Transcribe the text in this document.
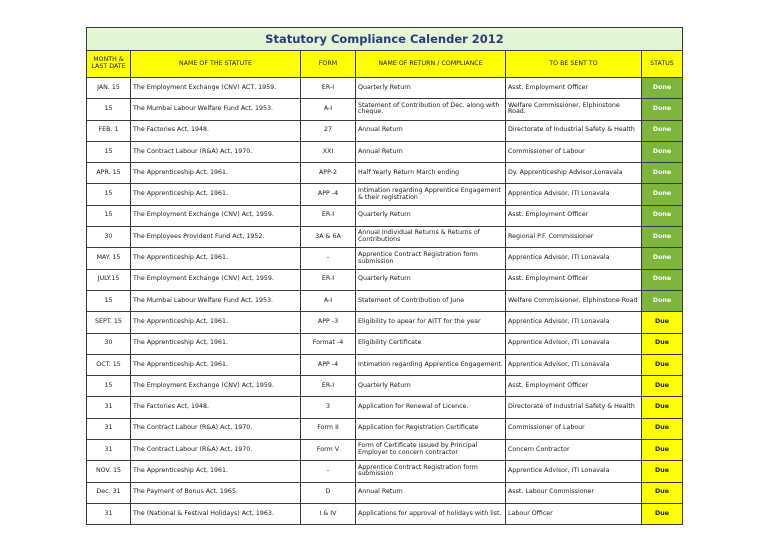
Statutory Compliance Calender 2012					
MONTH & LAST DATE	NAME OF THE STATUTE	FORM	NAME OF RETURN / COMPLIANCE	TO BE SENT TO	STATUS
JAN. 15	The Employment Exchange (CNV) ACT, 1959.	ER-I	Quarterly Return	Asst. Employment Officer	Done
15	The Mumbai Labour Welfare Fund Act, 1953.	A-I	Statement of Contribution of Dec. along with cheque.	Welfare Commissioner, Elphinstone Road.	Done
FEB. 1	The Factories Act, 1948.	27	Annual Return	Directorate of Industrial Safety & Health	Done
15	The Contract Labour (R&A) Act, 1970.	XXI	Annual Return	Commissioner of Labour	Done
APR. 15	The Apprenticeship Act, 1961.	APP-2	Half Yearly Return March ending	Dy. Apprenticeship Advisor,Lonavala	Done
15	The Apprenticeship Act, 1961.	APP -4	Intimation regarding Apprentice Engagement & their registration	Apprentice Advisor, ITI Lonavala	Done
15	The Employment Exchange (CNV) Act, 1959.	ER-I	Quarterly Return	Asst. Employment Officer	Done
30	The Employees Provident Fund Act, 1952.	3A & 6A	Annual Individual Returns & Returns of Contributions	Regional P.F. Commissioner	Done
MAY. 15	The Apprenticeship Act, 1961.	-	Apprentice Contract Registration form submission	Apprentice Advisor, ITI Lonavala	Done
JULY.15	The Employment Exchange (CNV) Act, 1959.	ER-I	Quarterly Return	Asst. Employment Officer	Done
15	The Mumbai Labour Welfare Fund Act, 1953.	A-I	Statement of Contribution of June	Welfare Commissioner, Elphinstone Road	Done
SEPT. 15	The Apprenticeship Act, 1961.	APP -3	Eligibility to apear for AITT for the year	Apprentice Advisor, ITI Lonavala	Due
30	The Apprenticeship Act, 1961.	Format -4	Eligibility Certificate	Apprentice Advisor, ITI Lonavala	Due
OCT. 15	The Apprenticeship Act, 1961.	APP -4	Intimation regarding Apprentice Engagement.	Apprentice Advisor, ITI Lonavala	Due
15	The Employment Exchange (CNV) Act, 1959.	ER-I	Quarterly Return	Asst. Employment Officer	Due
31	The Factories Act, 1948.	3	Application for Renewal of Licence.	Directorate of Industrial Safety & Health	Due
31	The Contract Labour (R&A) Act, 1970.	Form II	Application for Registration Certificate	Commissioner of Labour	Due
31	The Contract Labour (R&A) Act, 1970.	Form V	Form of Certificate issued by Principal Employer to concern contractor	Concern Contractor	Due
NOV. 15	The Apprenticeship Act, 1961.	-	Apprentice Contract Registration form submission	Apprentice Advisor, ITI Lonavala	Due
Dec. 31	The Payment of Bonus Act, 1965.	D	Annual Return	Asst. Labour Commissioner	Due
31	The (National & Festival Holidays) Act, 1963.	I & IV	Applications for approval of holidays with list.	Labour Officer	Due
